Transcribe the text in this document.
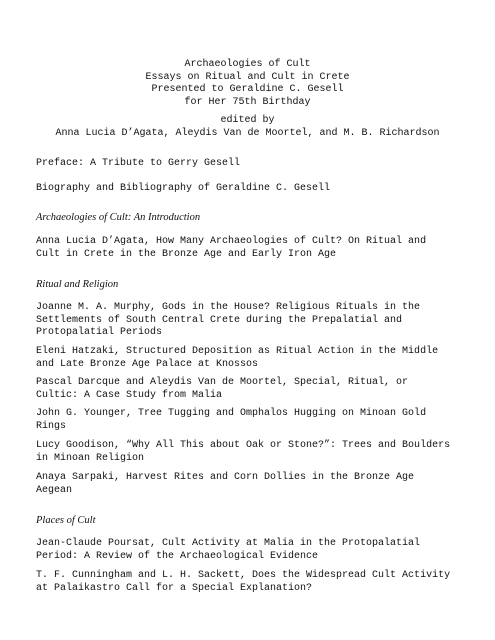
Archaeologies of Cult
Essays on Ritual and Cult in Crete
Presented to Geraldine C. Gesell
for Her 75th Birthday
edited by
Anna Lucia D’Agata, Aleydis Van de Moortel, and M. B. Richardson
Preface: A Tribute to Gerry Gesell
Biography and Bibliography of Geraldine C. Gesell
Archaeologies of Cult: An Introduction
Anna Lucia D’Agata, How Many Archaeologies of Cult? On Ritual and
Cult in Crete in the Bronze Age and Early Iron Age
Ritual and Religion
Joanne M. A. Murphy, Gods in the House? Religious Rituals in the
Settlements of South Central Crete during the Prepalatial and
Protopalatial Periods
Eleni Hatzaki, Structured Deposition as Ritual Action in the Middle
and Late Bronze Age Palace at Knossos
Pascal Darcque and Aleydis Van de Moortel, Special, Ritual, or
Cultic: A Case Study from Malia
John G. Younger, Tree Tugging and Omphalos Hugging on Minoan Gold
Rings
Lucy Goodison, “Why All This about Oak or Stone?”: Trees and Boulders
in Minoan Religion
Anaya Sarpaki, Harvest Rites and Corn Dollies in the Bronze Age
Aegean
Places of Cult
Jean-Claude Poursat, Cult Activity at Malia in the Protopalatial
Period: A Review of the Archaeological Evidence
T. F. Cunningham and L. H. Sackett, Does the Widespread Cult Activity
at Palaikastro Call for a Special Explanation?
